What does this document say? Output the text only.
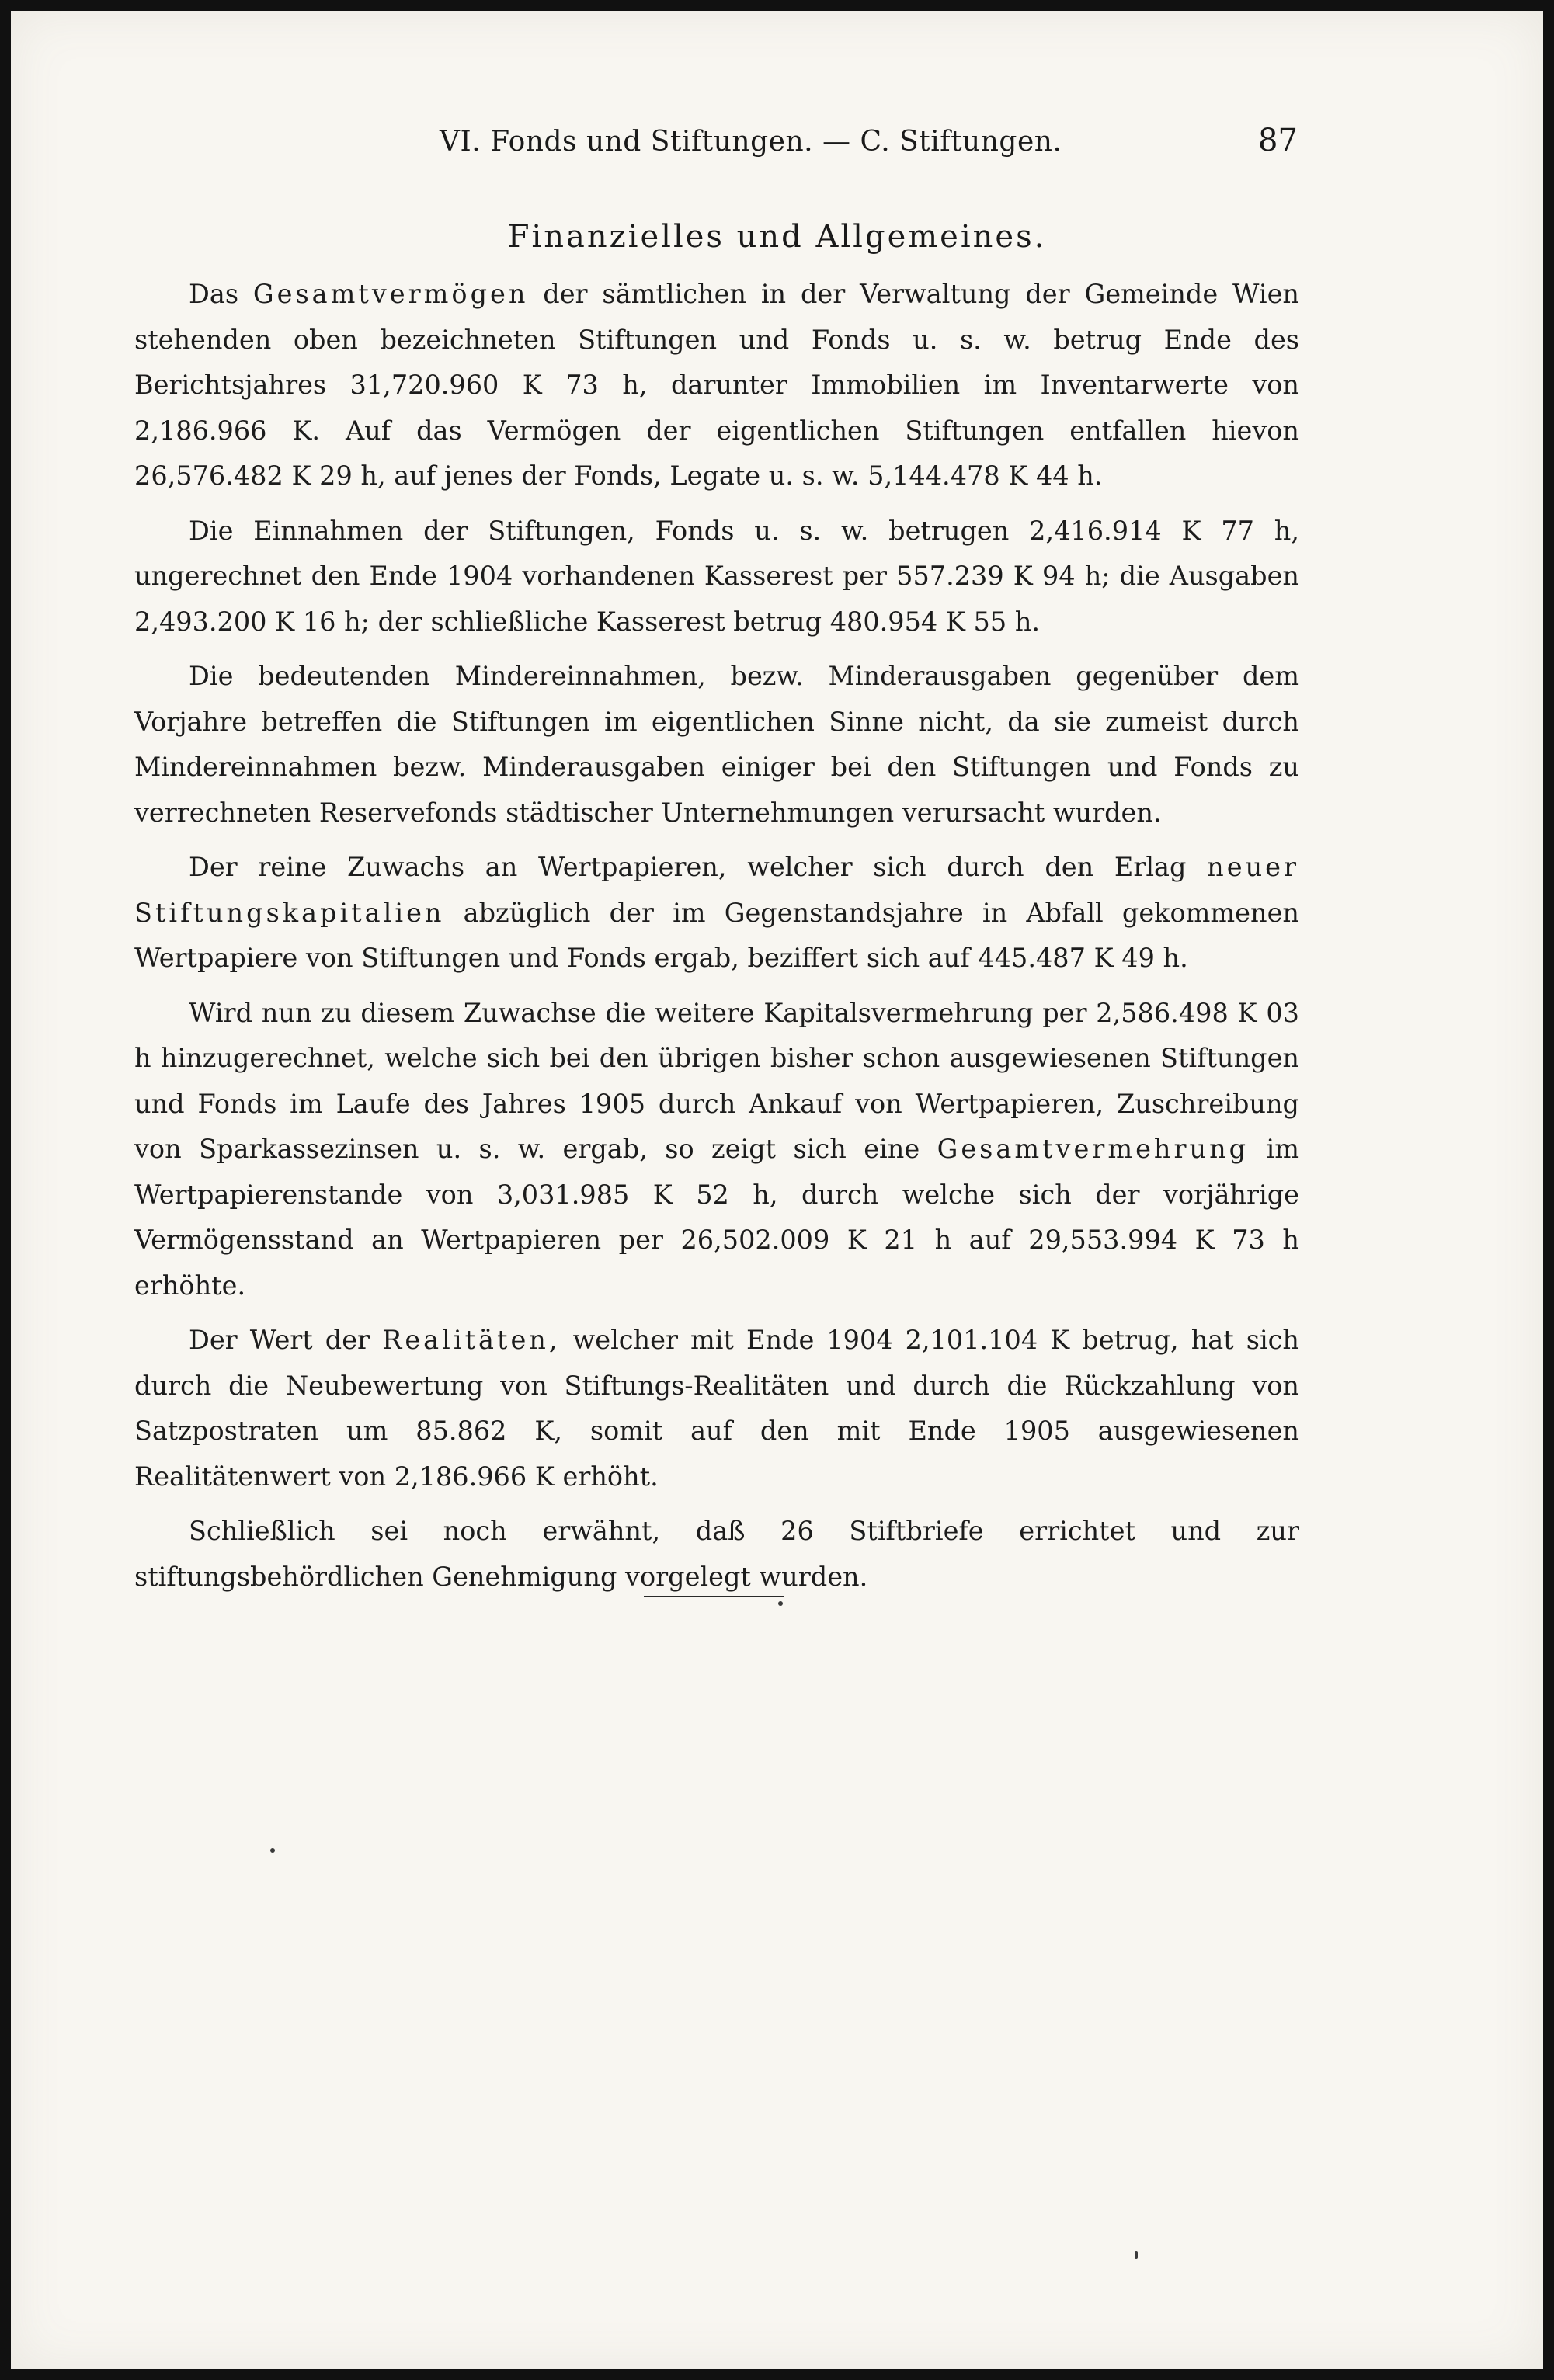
VI. Fonds und Stiftungen. — C. Stiftungen.	87
Finanzielles und Allgemeines.

Das Gesamtvermögen der sämtlichen in der Verwaltung der Gemeinde Wien stehenden oben bezeichneten Stiftungen und Fonds u. s. w. betrug Ende des Berichtsjahres 31,720.960 K 73 h, darunter Immobilien im Inventarwerte von 2,186.966 K. Auf das Vermögen der eigentlichen Stiftungen entfallen hievon 26,576.482 K 29 h, auf jenes der Fonds, Legate u. s. w. 5,144.478 K 44 h.

Die Einnahmen der Stiftungen, Fonds u. s. w. betrugen 2,416.914 K 77 h, ungerechnet den Ende 1904 vorhandenen Kasserest per 557.239 K 94 h; die Ausgaben 2,493.200 K 16 h; der schließliche Kasserest betrug 480.954 K 55 h.

Die bedeutenden Mindereinnahmen, bezw. Minderausgaben gegenüber dem Vorjahre betreffen die Stiftungen im eigentlichen Sinne nicht, da sie zumeist durch Mindereinnahmen bezw. Minderausgaben einiger bei den Stiftungen und Fonds zu verrechneten Reservefonds städtischer Unternehmungen verursacht wurden.

Der reine Zuwachs an Wertpapieren, welcher sich durch den Erlag neuer Stiftungskapitalien abzüglich der im Gegenstandsjahre in Abfall gekommenen Wertpapiere von Stiftungen und Fonds ergab, beziffert sich auf 445.487 K 49 h.

Wird nun zu diesem Zuwachse die weitere Kapitalsvermehrung per 2,586.498 K 03 h hinzugerechnet, welche sich bei den übrigen bisher schon ausgewiesenen Stiftungen und Fonds im Laufe des Jahres 1905 durch Ankauf von Wertpapieren, Zuschreibung von Sparkassezinsen u. s. w. ergab, so zeigt sich eine Gesamtvermehrung im Wertpapierenstande von 3,031.985 K 52 h, durch welche sich der vorjährige Vermögensstand an Wertpapieren per 26,502.009 K 21 h auf 29,553.994 K 73 h erhöhte.

Der Wert der Realitäten, welcher mit Ende 1904 2,101.104 K betrug, hat sich durch die Neubewertung von Stiftungs-Realitäten und durch die Rückzahlung von Satzpostraten um 85.862 K, somit auf den mit Ende 1905 ausgewiesenen Realitätenwert von 2,186.966 K erhöht.

Schließlich sei noch erwähnt, daß 26 Stiftbriefe errichtet und zur stiftungsbehördlichen Genehmigung vorgelegt wurden.
